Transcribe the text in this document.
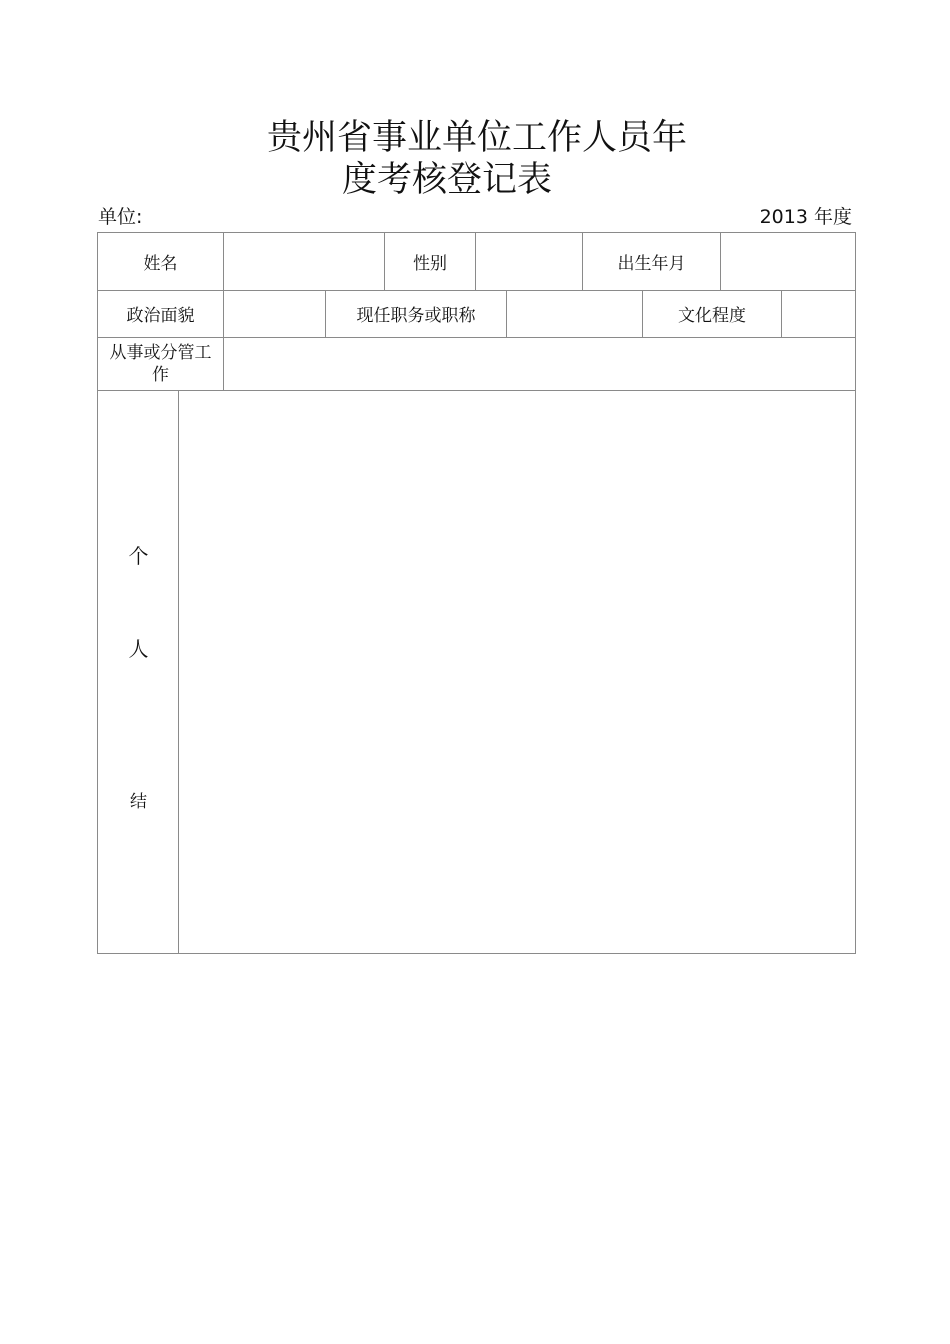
贵州省事业单位工作人员年
度考核登记表
单位:	2013 年度
姓名	性别	出生年月
政治面貌	现任职务或职称	文化程度
从事或分管工作
个
人
结
